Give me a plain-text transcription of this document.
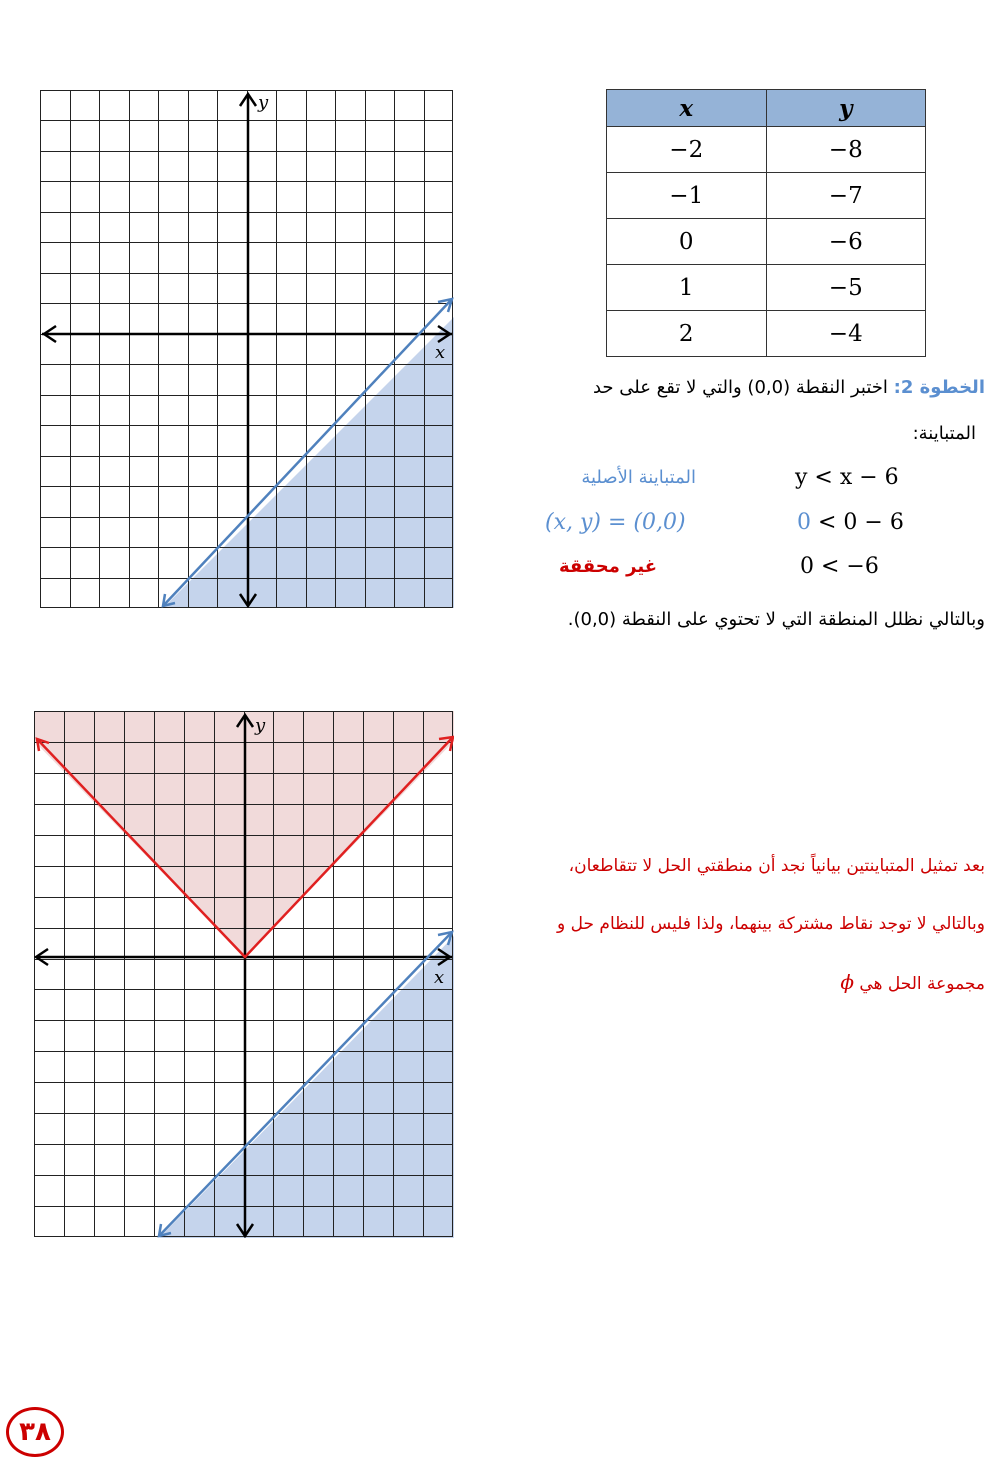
x	y
−2	−8
−1	−7
0	−6
1	−5
2	−4
الخطوة 2: اختبر النقطة (0,0) والتي لا تقع على حد
المتباينة:
y < x − 6
المتباينة الأصلية
0 < 0 − 6
(x, y) = (0,0)
0 < −6
غير محققة
وبالتالي نظلل المنطقة التي لا تحتوي على النقطة (0,0).
بعد تمثيل المتباينتين بيانياً نجد أن منطقتي الحل لا تتقاطعان،
وبالتالي لا توجد نقاط مشتركة بينهما، ولذا فليس للنظام حل و
مجموعة الحل هي ϕ
x
y
x
y
٣٨
